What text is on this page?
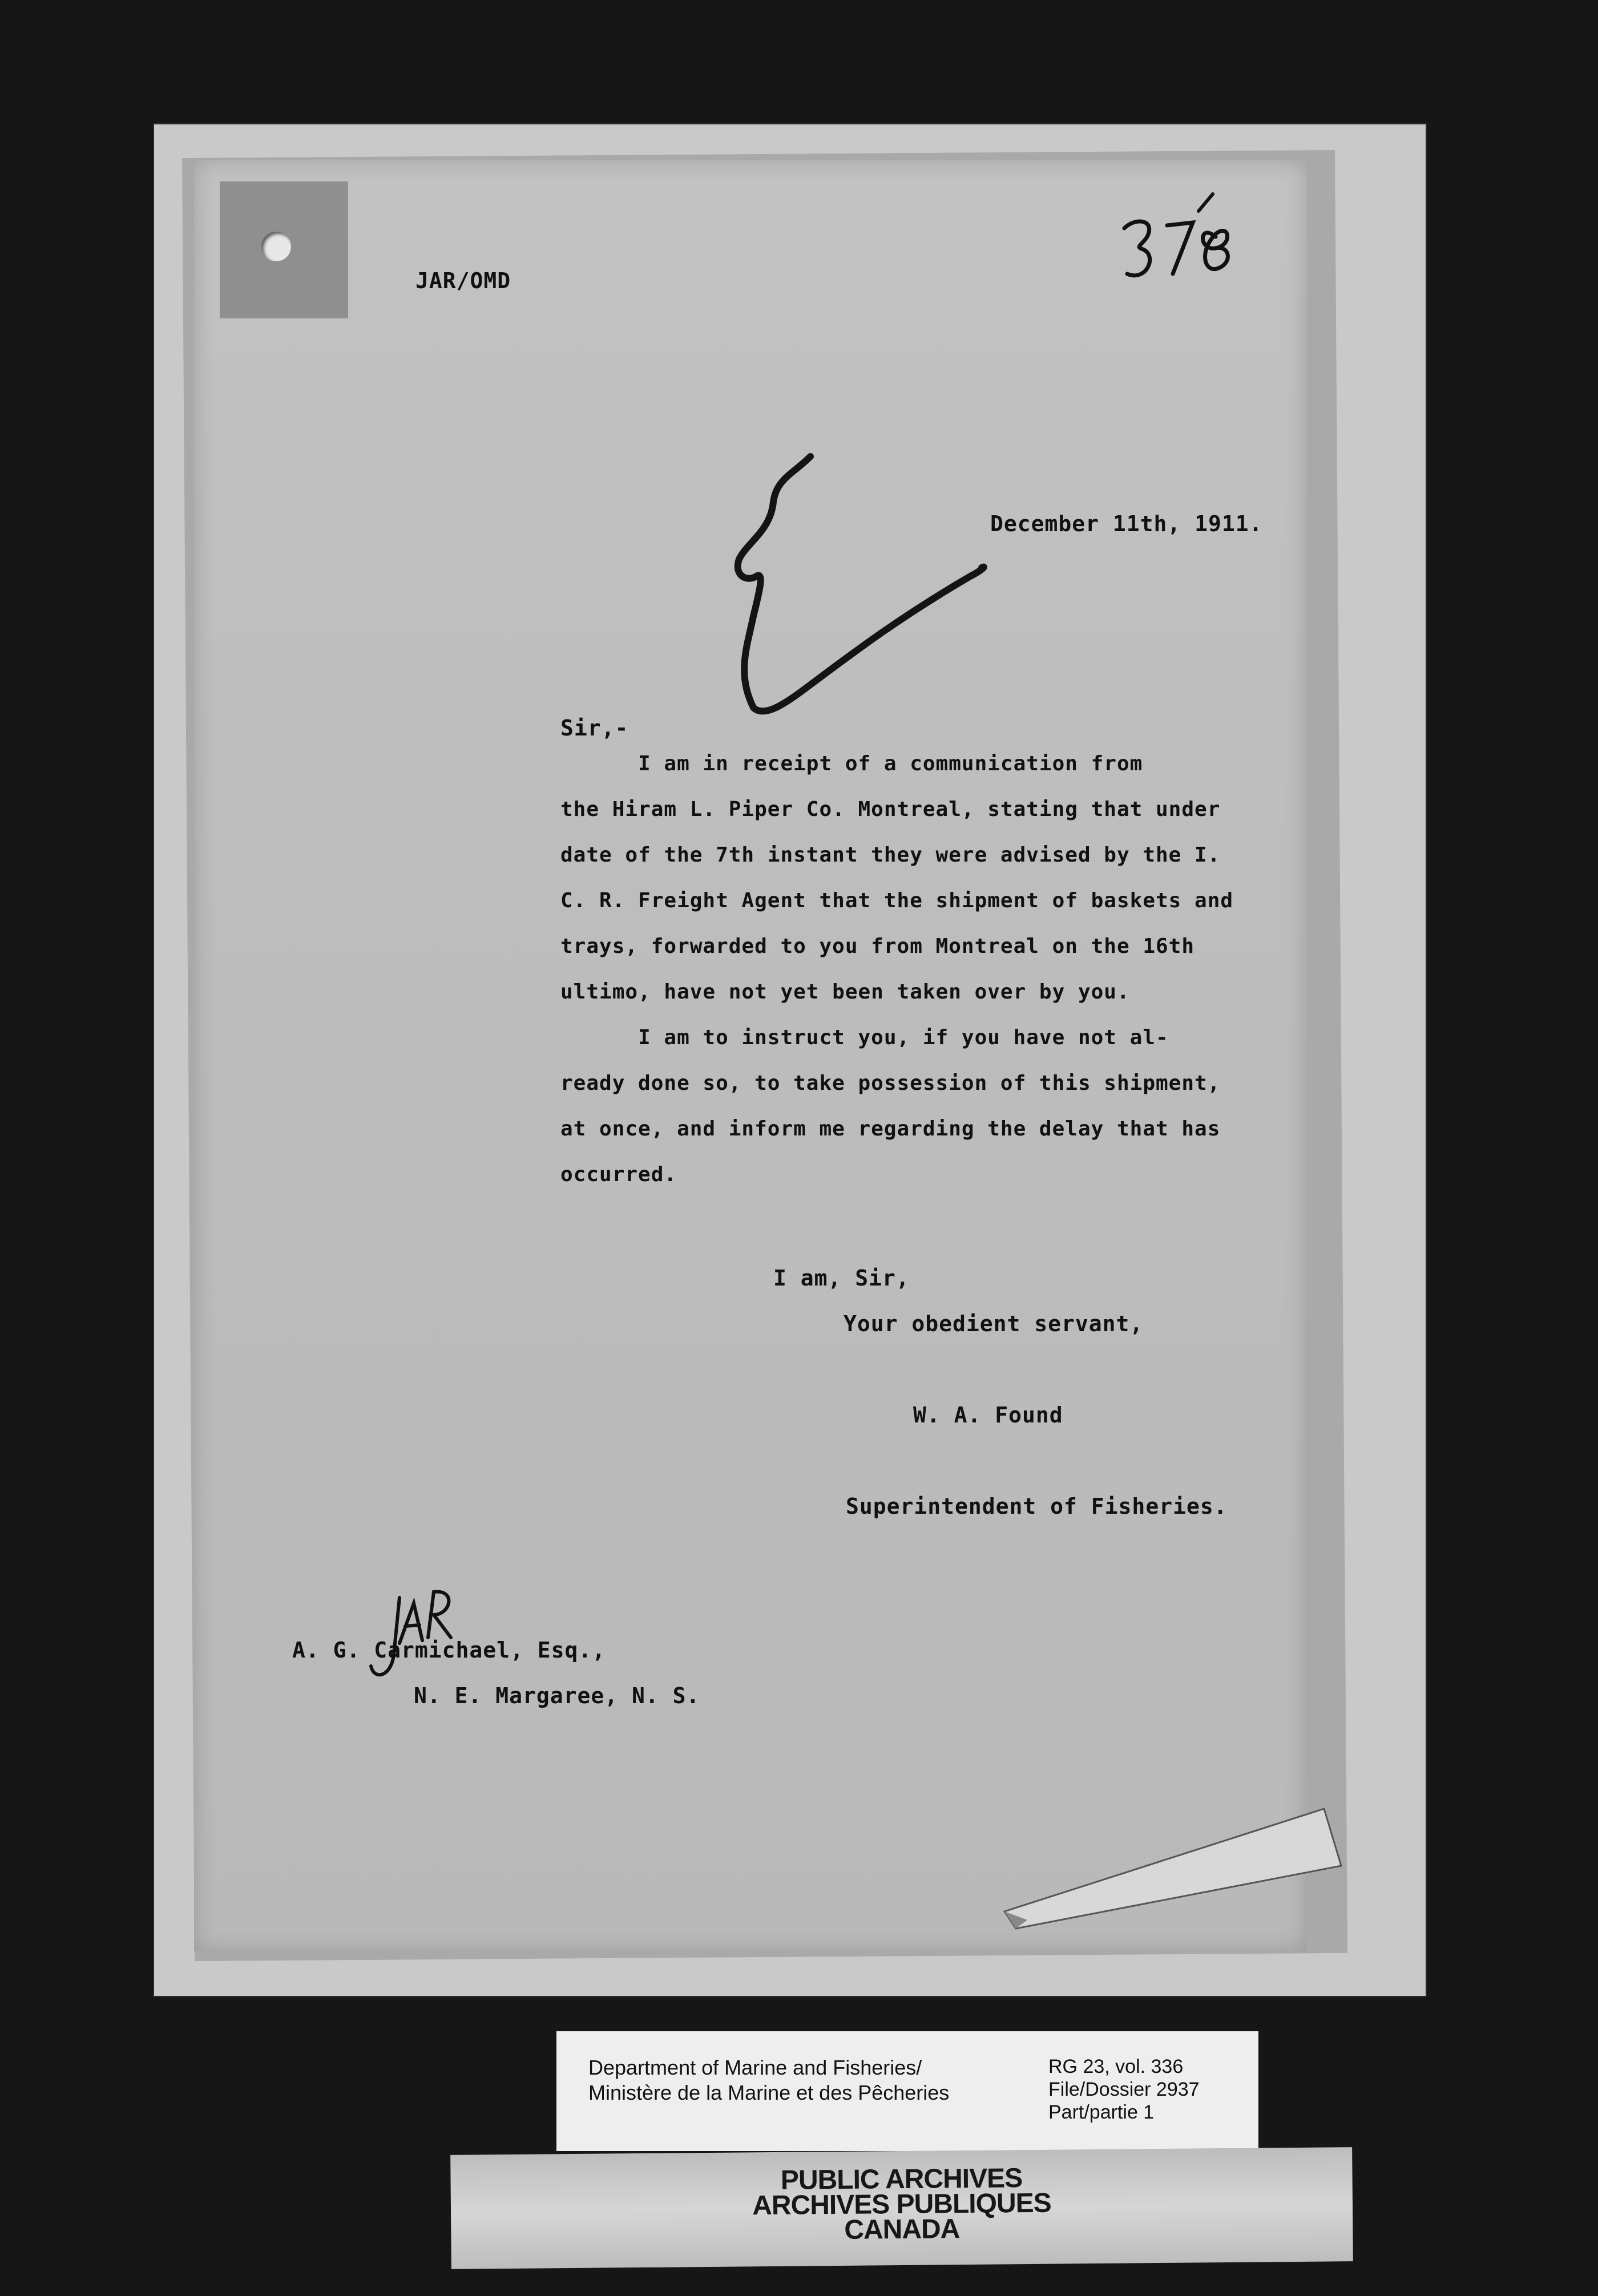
JAR/OMD
December 11th, 1911.
Sir,-
I am in receipt of a communication from
the Hiram L. Piper Co. Montreal, stating that under
date of the 7th instant they were advised by the I.
C. R. Freight Agent that the shipment of baskets and
trays, forwarded to you from Montreal on the 16th
ultimo, have not yet been taken over by you.
I am to instruct you, if you have not al-
ready done so, to take possession of this shipment,
at once, and inform me regarding the delay that has
occurred.
I am, Sir,
Your obedient servant,
W. A. Found
Superintendent of Fisheries.
A. G. Carmichael, Esq.,
N. E. Margaree, N. S.
Department of Marine and Fisheries/
Ministère de la Marine et des Pêcheries
RG 23, vol. 336
File/Dossier 2937
Part/partie 1
PUBLIC ARCHIVES
ARCHIVES PUBLIQUES
CANADA
